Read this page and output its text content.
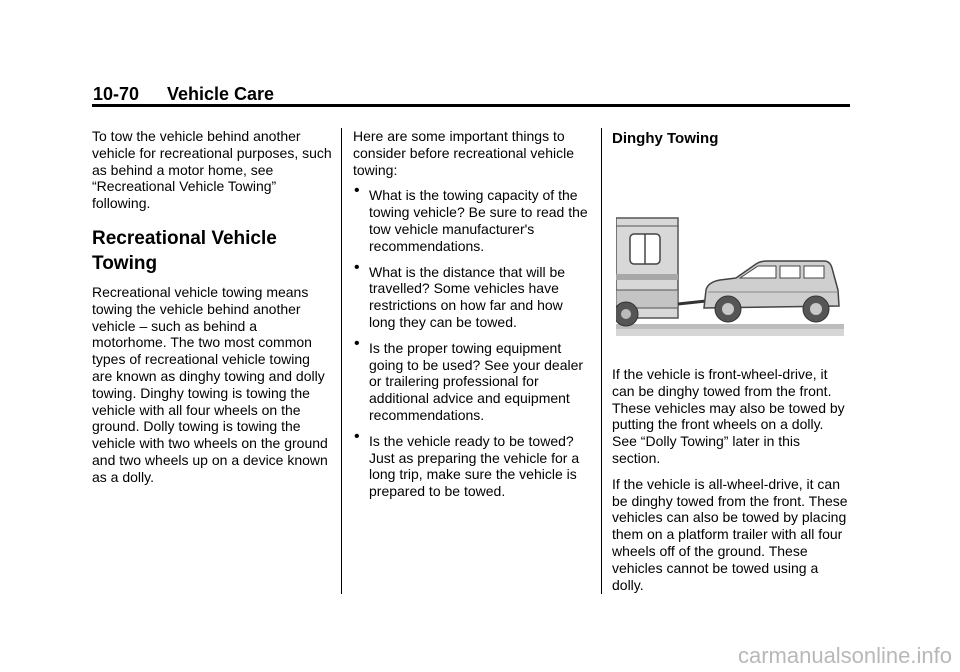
10-70 Vehicle Care

To tow the vehicle behind another vehicle for recreational purposes, such as behind a motor home, see “Recreational Vehicle Towing” following.

Recreational Vehicle Towing

Recreational vehicle towing means towing the vehicle behind another vehicle – such as behind a motorhome. The two most common types of recreational vehicle towing are known as dinghy towing and dolly towing. Dinghy towing is towing the vehicle with all four wheels on the ground. Dolly towing is towing the vehicle with two wheels on the ground and two wheels up on a device known as a dolly.

Here are some important things to consider before recreational vehicle towing:

• What is the towing capacity of the towing vehicle? Be sure to read the tow vehicle manufacturer's recommendations.
• What is the distance that will be travelled? Some vehicles have restrictions on how far and how long they can be towed.
• Is the proper towing equipment going to be used? See your dealer or trailering professional for additional advice and equipment recommendations.
• Is the vehicle ready to be towed? Just as preparing the vehicle for a long trip, make sure the vehicle is prepared to be towed.
Dinghy Towing

If the vehicle is front-wheel-drive, it can be dinghy towed from the front. These vehicles may also be towed by putting the front wheels on a dolly. See “Dolly Towing” later in this section.

If the vehicle is all-wheel-drive, it can be dinghy towed from the front. These vehicles can also be towed by placing them on a platform trailer with all four wheels off of the ground. These vehicles cannot be towed using a dolly.

carmanualsonline.info
